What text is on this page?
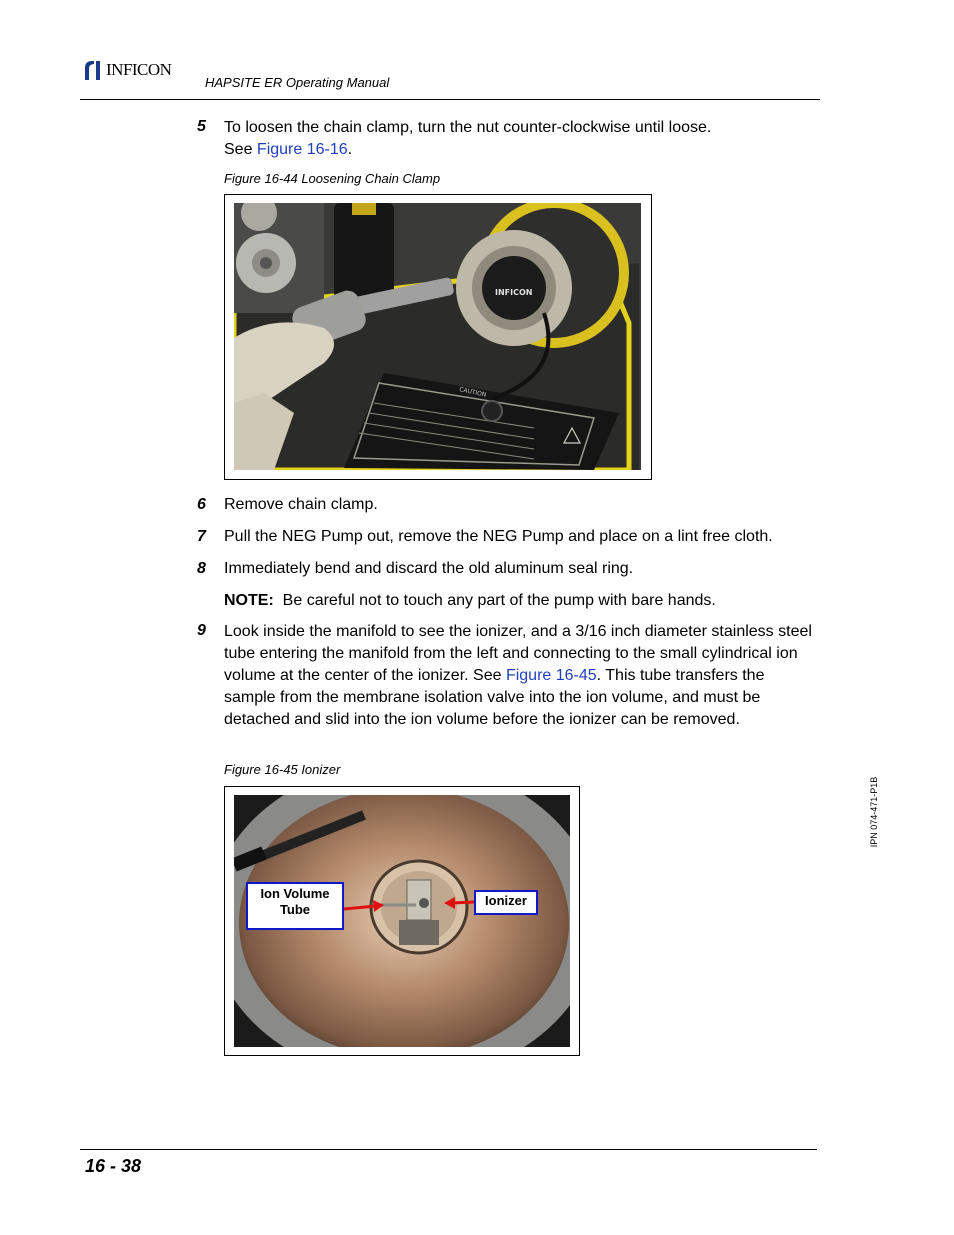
INFICON
HAPSITE ER Operating Manual
5 To loosen the chain clamp, turn the nut counter-clockwise until loose.
See Figure 16-16.
Figure 16-44 Loosening Chain Clamp
CAUTION
INFICON
6 Remove chain clamp.
7 Pull the NEG Pump out, remove the NEG Pump and place on a lint free cloth.
8 Immediately bend and discard the old aluminum seal ring.
NOTE: Be careful not to touch any part of the pump with bare hands.
9 Look inside the manifold to see the ionizer, and a 3/16 inch diameter stainless steel tube entering the manifold from the left and connecting to the small cylindrical ion volume at the center of the ionizer. See Figure 16-45. This tube transfers the sample from the membrane isolation valve into the ion volume, and must be detached and slid into the ion volume before the ionizer can be removed.
Figure 16-45 Ionizer
Ion Volume Tube
Ionizer
IPN 074-471-P1B
16 - 38
